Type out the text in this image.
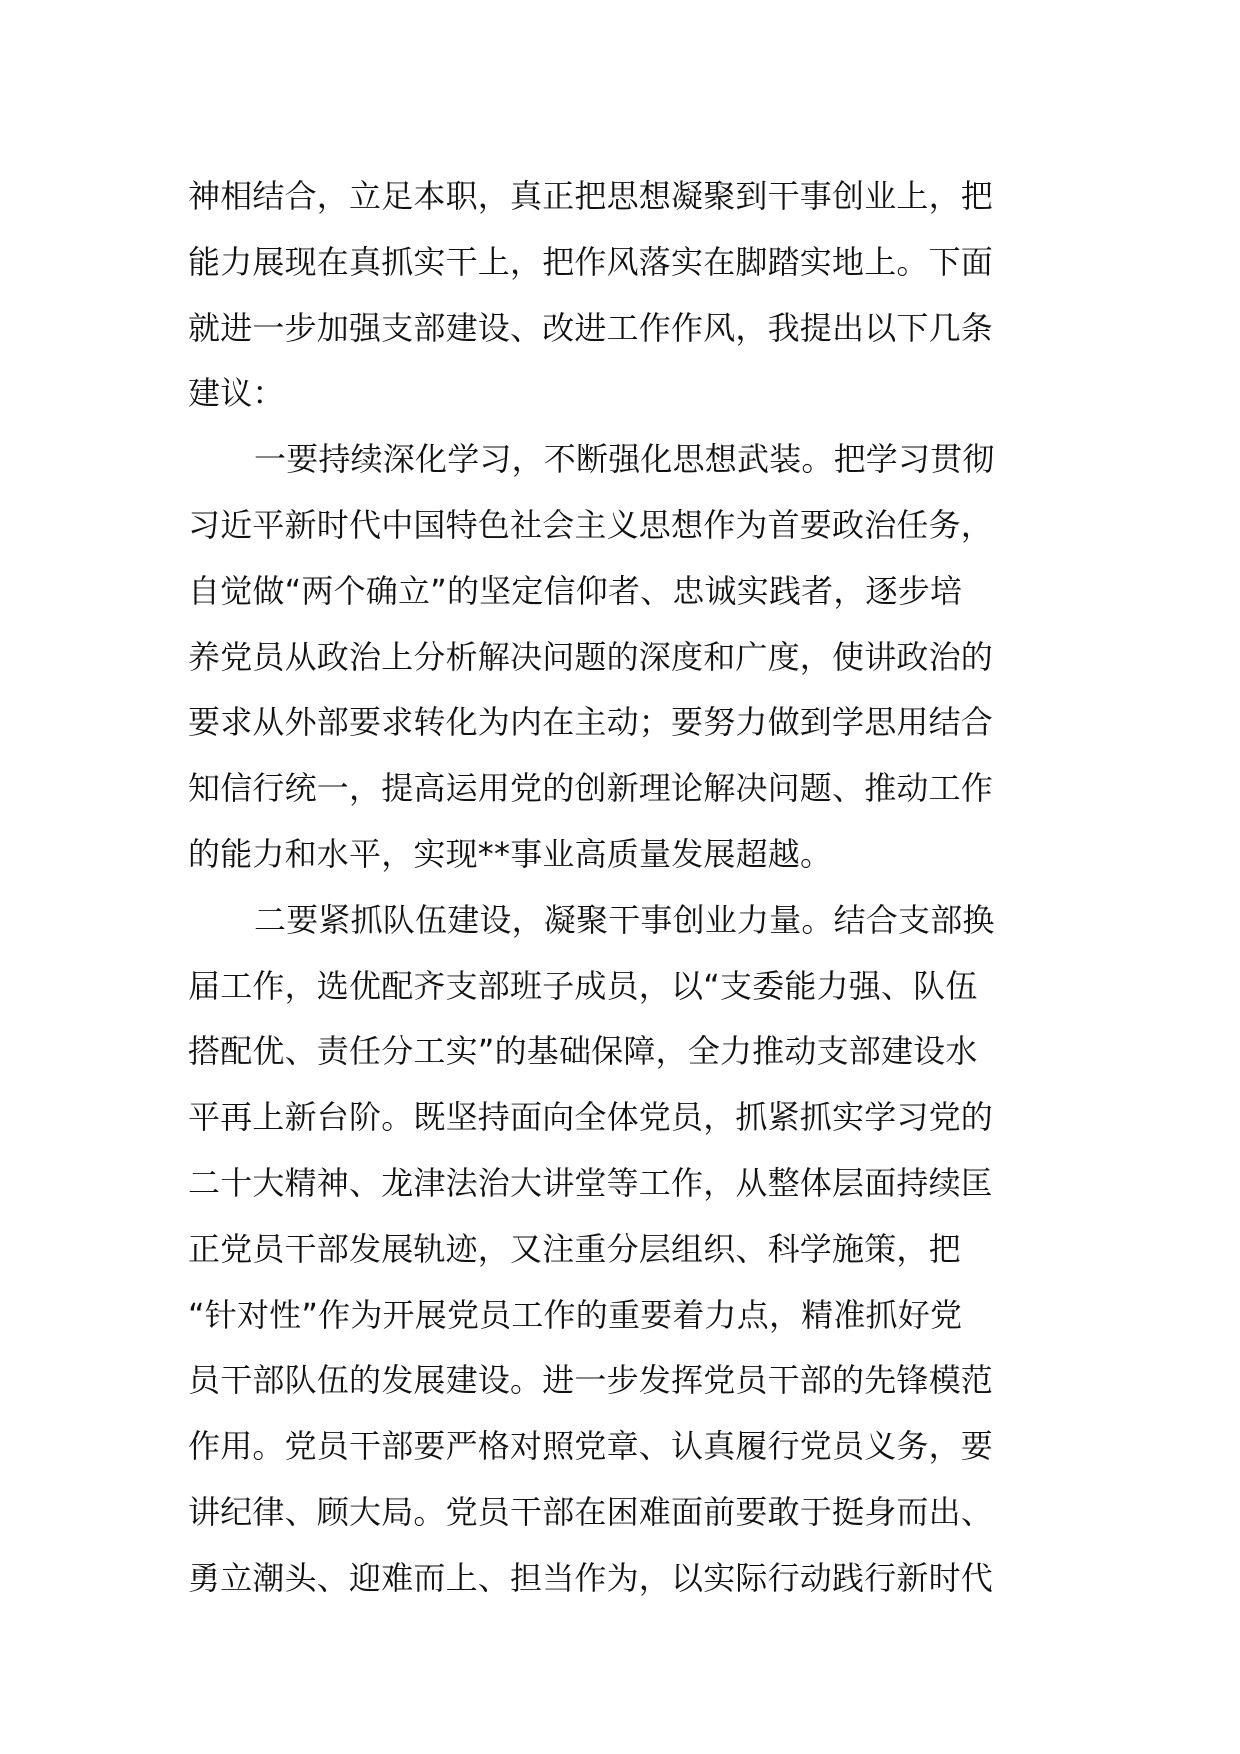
神相结合，立足本职，真正把思想凝聚到干事创业上，把
能力展现在真抓实干上，把作风落实在脚踏实地上。下面
就进一步加强支部建设、改进工作作风，我提出以下几条
建议：
一要持续深化学习，不断强化思想武装。把学习贯彻
习近平新时代中国特色社会主义思想作为首要政治任务，
自觉做“两个确立”的坚定信仰者、忠诚实践者，逐步培
养党员从政治上分析解决问题的深度和广度，使讲政治的
要求从外部要求转化为内在主动；要努力做到学思用结合
知信行统一，提高运用党的创新理论解决问题、推动工作
的能力和水平，实现**事业高质量发展超越。
二要紧抓队伍建设，凝聚干事创业力量。结合支部换
届工作，选优配齐支部班子成员，以“支委能力强、队伍
搭配优、责任分工实”的基础保障，全力推动支部建设水
平再上新台阶。既坚持面向全体党员，抓紧抓实学习党的
二十大精神、龙津法治大讲堂等工作，从整体层面持续匡
正党员干部发展轨迹，又注重分层组织、科学施策，把
“针对性”作为开展党员工作的重要着力点，精准抓好党
员干部队伍的发展建设。进一步发挥党员干部的先锋模范
作用。党员干部要严格对照党章、认真履行党员义务，要
讲纪律、顾大局。党员干部在困难面前要敢于挺身而出、
勇立潮头、迎难而上、担当作为，以实际行动践行新时代
